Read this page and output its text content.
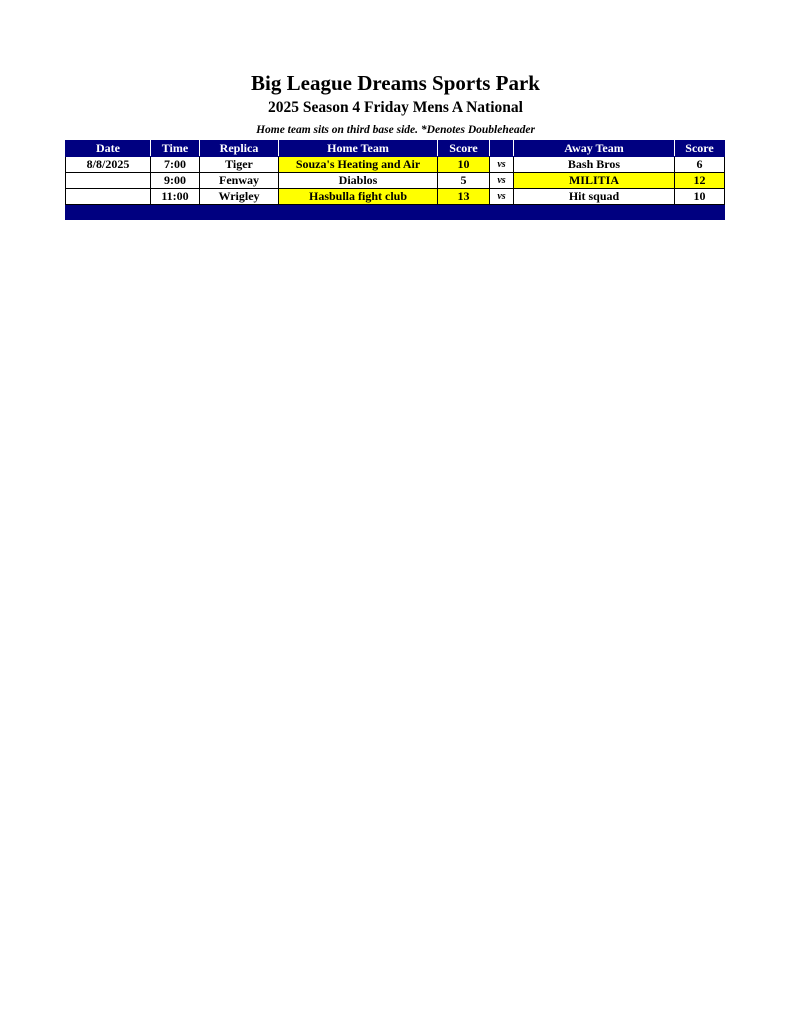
Big League Dreams Sports Park
2025 Season 4 Friday Mens A National
Home team sits on third base side. *Denotes Doubleheader
Date	Time	Replica	Home Team	Score		Away Team	Score
8/8/2025	7:00	Tiger	Souza's Heating and Air	10	vs	Bash Bros	6
	9:00	Fenway	Diablos	5	vs	MILITIA	12
	11:00	Wrigley	Hasbulla fight club	13	vs	Hit squad	10
